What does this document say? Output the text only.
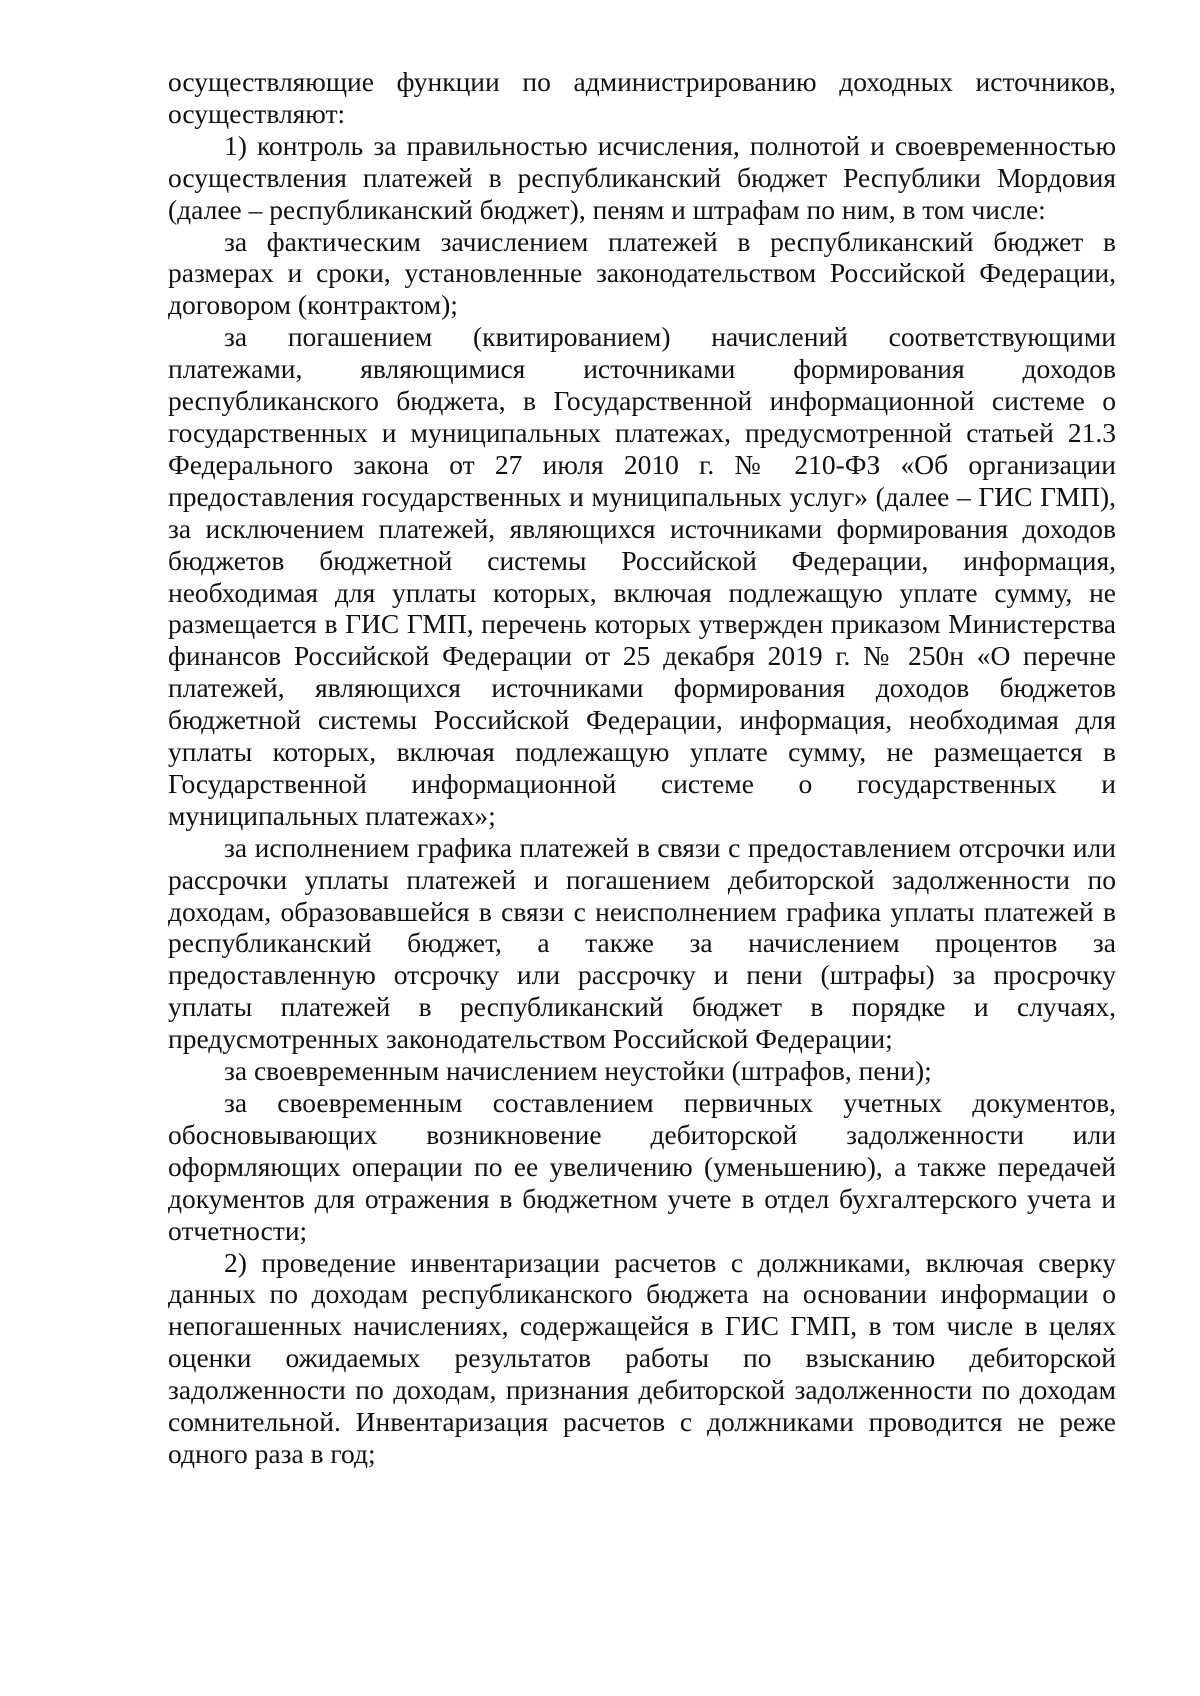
осуществляющие функции по администрированию доходных источников, осуществляют:

1) контроль за правильностью исчисления, полнотой и своевременностью осуществления платежей в республиканский бюджет Республики Мордовия (далее – республиканский бюджет), пеням и штрафам по ним, в том числе:

за фактическим зачислением платежей в республиканский бюджет в размерах и сроки, установленные законодательством Российской Федерации, договором (контрактом);

за погашением (квитированием) начислений соответствующими платежами, являющимися источниками формирования доходов республиканского бюджета, в Государственной информационной системе о государственных и муниципальных платежах, предусмотренной статьей 21.3 Федерального закона от 27 июля 2010 г. № 210-ФЗ «Об организации предоставления государственных и муниципальных услуг» (далее – ГИС ГМП), за исключением платежей, являющихся источниками формирования доходов бюджетов бюджетной системы Российской Федерации, информация, необходимая для уплаты которых, включая подлежащую уплате сумму, не размещается в ГИС ГМП, перечень которых утвержден приказом Министерства финансов Российской Федерации от 25 декабря 2019 г. № 250н «О перечне платежей, являющихся источниками формирования доходов бюджетов бюджетной системы Российской Федерации, информация, необходимая для уплаты которых, включая подлежащую уплате сумму, не размещается в Государственной информационной системе о государственных и муниципальных платежах»;

за исполнением графика платежей в связи с предоставлением отсрочки или рассрочки уплаты платежей и погашением дебиторской задолженности по доходам, образовавшейся в связи с неисполнением графика уплаты платежей в республиканский бюджет, а также за начислением процентов за предоставленную отсрочку или рассрочку и пени (штрафы) за просрочку уплаты платежей в республиканский бюджет в порядке и случаях, предусмотренных законодательством Российской Федерации;

за своевременным начислением неустойки (штрафов, пени);

за своевременным составлением первичных учетных документов, обосновывающих возникновение дебиторской задолженности или оформляющих операции по ее увеличению (уменьшению), а также передачей документов для отражения в бюджетном учете в отдел бухгалтерского учета и отчетности;

2) проведение инвентаризации расчетов с должниками, включая сверку данных по доходам республиканского бюджета на основании информации о непогашенных начислениях, содержащейся в ГИС ГМП, в том числе в целях оценки ожидаемых результатов работы по взысканию дебиторской задолженности по доходам, признания дебиторской задолженности по доходам сомнительной. Инвентаризация расчетов с должниками проводится не реже одного раза в год;
